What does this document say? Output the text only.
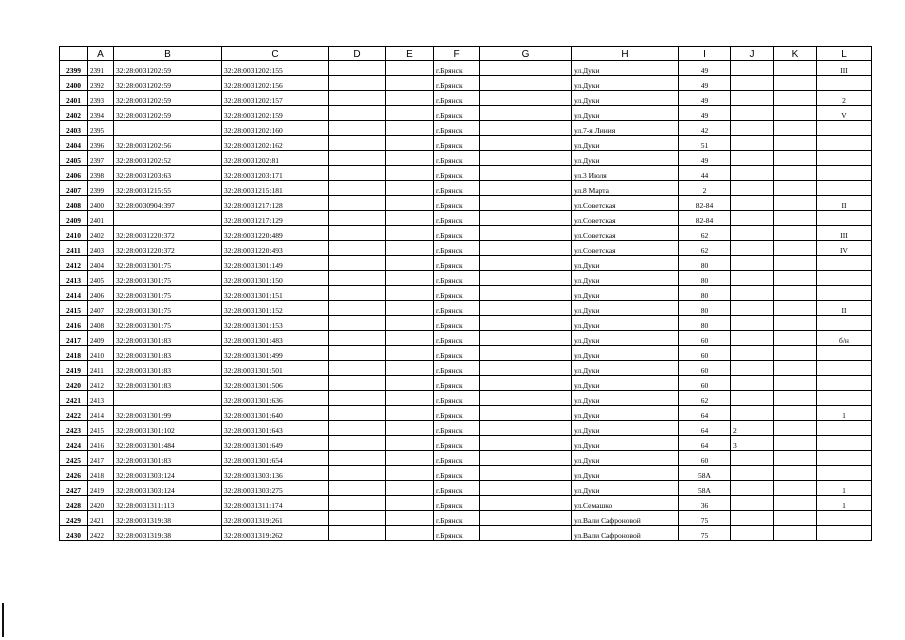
	A	B	C	D	E	F	G	H	I	J	K	L
2399	2391	32:28:0031202:59	32:28:0031202:155			г.Брянск		ул.Дуки	49			III
2400	2392	32:28:0031202:59	32:28:0031202:156			г.Брянск		ул.Дуки	49			
2401	2393	32:28:0031202:59	32:28:0031202:157			г.Брянск		ул.Дуки	49			2
2402	2394	32:28:0031202:59	32:28:0031202:159			г.Брянск		ул.Дуки	49			V
2403	2395		32:28:0031202:160			г.Брянск		ул.7-я Линия	42			
2404	2396	32:28:0031202:56	32:28:0031202:162			г.Брянск		ул.Дуки	51			
2405	2397	32:28:0031202:52	32:28:0031202:81			г.Брянск		ул.Дуки	49			
2406	2398	32:28:0031203:63	32:28:0031203:171			г.Брянск		ул.3 Июля	44			
2407	2399	32:28:0031215:55	32:28:0031215:181			г.Брянск		ул.8 Марта	2			
2408	2400	32:28:0030904:397	32:28:0031217:128			г.Брянск		ул.Советская	82-84			II
2409	2401		32:28:0031217:129			г.Брянск		ул.Советская	82-84			
2410	2402	32:28:0031220:372	32:28:0031220:489			г.Брянск		ул.Советская	62			III
2411	2403	32:28:0031220:372	32:28:0031220:493			г.Брянск		ул.Советская	62			IV
2412	2404	32:28:0031301:75	32:28:0031301:149			г.Брянск		ул.Дуки	80			
2413	2405	32:28:0031301:75	32:28:0031301:150			г.Брянск		ул.Дуки	80			
2414	2406	32:28:0031301:75	32:28:0031301:151			г.Брянск		ул.Дуки	80			
2415	2407	32:28:0031301:75	32:28:0031301:152			г.Брянск		ул.Дуки	80			II
2416	2408	32:28:0031301:75	32:28:0031301:153			г.Брянск		ул.Дуки	80			
2417	2409	32:28:0031301:83	32:28:0031301:483			г.Брянск		ул.Дуки	60			б/н
2418	2410	32:28:0031301:83	32:28:0031301:499			г.Брянск		ул.Дуки	60			
2419	2411	32:28:0031301:83	32:28:0031301:501			г.Брянск		ул.Дуки	60			
2420	2412	32:28:0031301:83	32:28:0031301:506			г.Брянск		ул.Дуки	60			
2421	2413		32:28:0031301:636			г.Брянск		ул.Дуки	62			
2422	2414	32:28:0031301:99	32:28:0031301:640			г.Брянск		ул.Дуки	64			1
2423	2415	32:28:0031301:102	32:28:0031301:643			г.Брянск		ул.Дуки	64	2		
2424	2416	32:28:0031301:484	32:28:0031301:649			г.Брянск		ул.Дуки	64	3		
2425	2417	32:28:0031301:83	32:28:0031301:654			г.Брянск		ул.Дуки	60			
2426	2418	32:28:0031303:124	32:28:0031303:136			г.Брянск		ул.Дуки	58А			
2427	2419	32:28:0031303:124	32:28:0031303:275			г.Брянск		ул.Дуки	58А			1
2428	2420	32:28:0031311:113	32:28:0031311:174			г.Брянск		ул.Семашко	36			1
2429	2421	32:28:0031319:38	32:28:0031319:261			г.Брянск		ул.Вали Сафроновой	75			
2430	2422	32:28:0031319:38	32:28:0031319:262			г.Брянск		ул.Вали Сафроновой	75			
